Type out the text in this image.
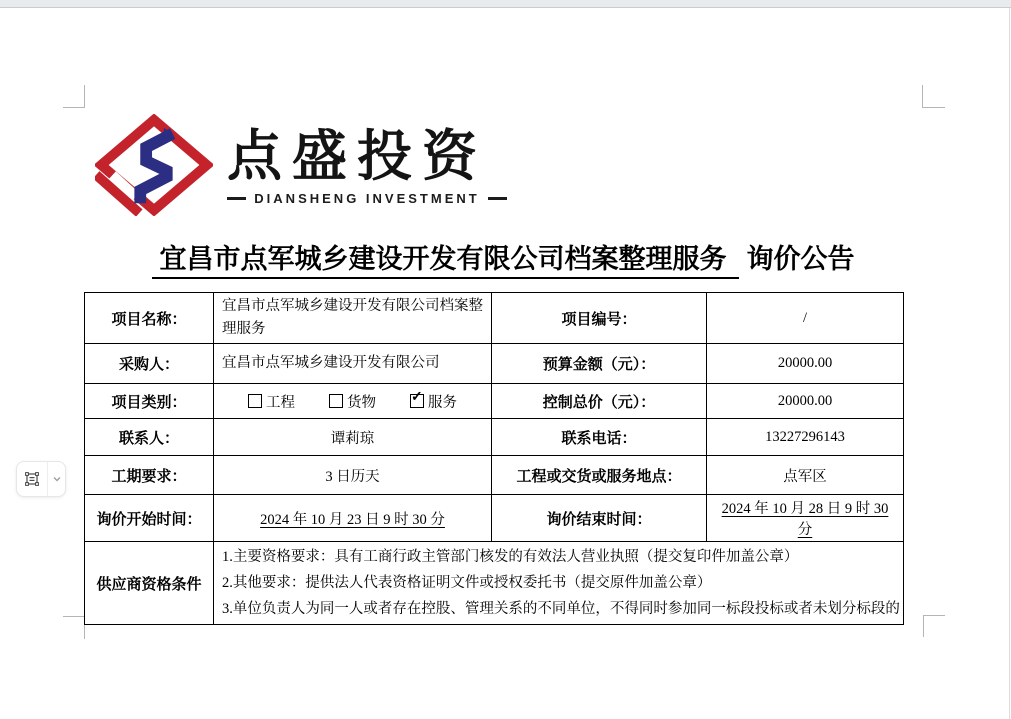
点盛投资
DIANSHENG INVESTMENT
宜昌市点军城乡建设开发有限公司档案整理服务 询价公告
项目名称：	宜昌市点军城乡建设开发有限公司档案整理服务	项目编号：	/
采购人：	宜昌市点军城乡建设开发有限公司	预算金额（元）：	20000.00
项目类别：	工程 货物 ✓ 服务	控制总价（元）：	20000.00
联系人：	谭莉琼	联系电话：	13227296143
工期要求：	3 日历天	工程或交货或服务地点：	点军区
询价开始时间：	2024 年 10 月 23 日 9 时 30 分	询价结束时间：	2024 年 10 月 28 日 9 时 30 分
供应商资格条件	1.主要资格要求：具有工商行政主管部门核发的有效法人营业执照（提交复印件加盖公章）
2.其他要求：提供法人代表资格证明文件或授权委托书（提交原件加盖公章）
3.单位负责人为同一人或者存在控股、管理关系的不同单位，不得同时参加同一标段投标或者未划分标段的		
